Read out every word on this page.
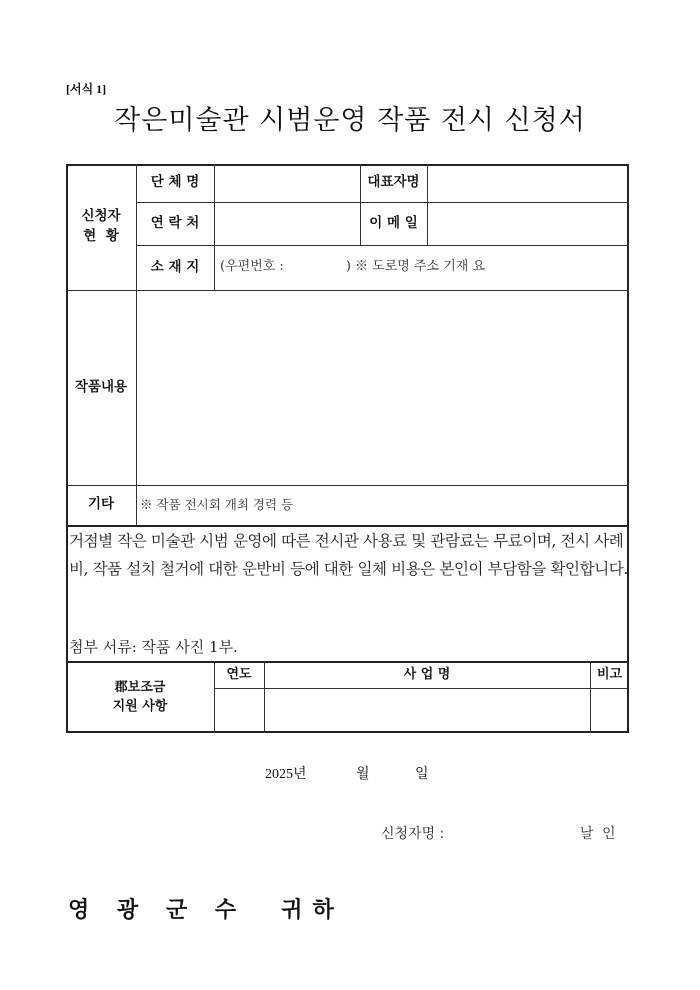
[서식 1]
작은미술관 시범운영 작품 전시 신청서
신청자
현  황
단 체 명	대표자명
연 락 처	이 메 일
소 재 지	(우편번호 :	) ※ 도로명 주소 기재 요
작품내용
기타	※ 작품 전시회 개최 경력 등
거점별 작은 미술관 시범 운영에 따른 전시관 사용료 및 관람료는 무료이며, 전시 사례비, 작품 설치 철거에 대한 운반비 등에 대한 일체 비용은 본인이 부담함을 확인합니다.
첨부 서류: 작품 사진 1부.
郡보조금
지원 사항
연도	사 업 명	비고
2025년	월	일
신청자명 :	날 인
영 광 군 수  귀하
